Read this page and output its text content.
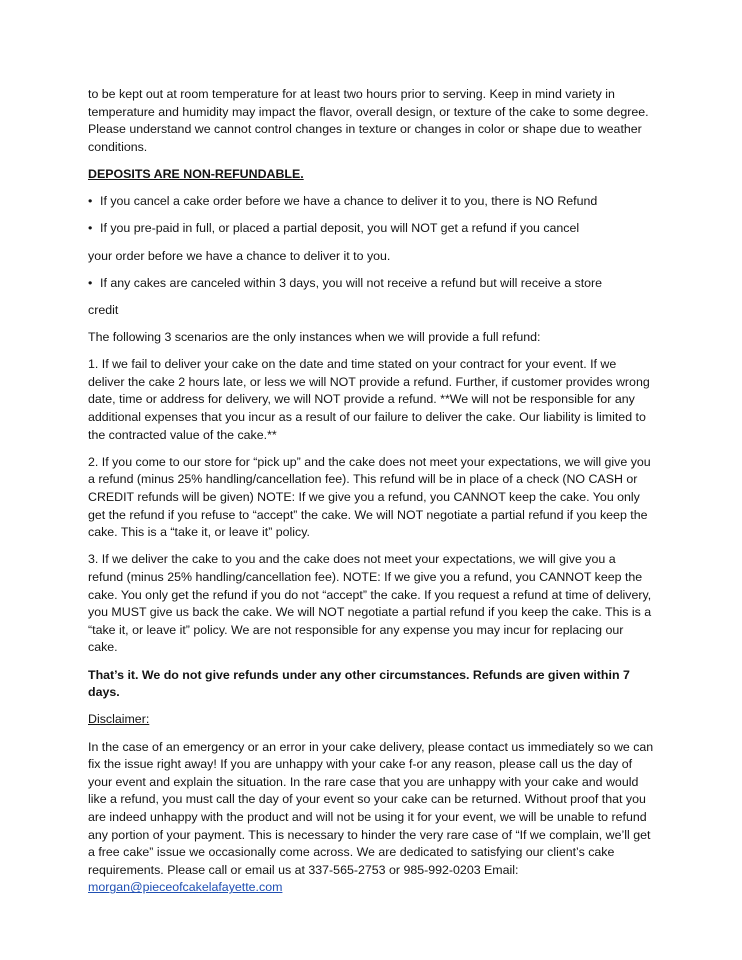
to be kept out at room temperature for at least two hours prior to serving. Keep in mind variety in temperature and humidity may impact the flavor, overall design, or texture of the cake to some degree. Please understand we cannot control changes in texture or changes in color or shape due to weather conditions.

DEPOSITS ARE NON-REFUNDABLE.

• If you cancel a cake order before we have a chance to deliver it to you, there is NO Refund

• If you pre-paid in full, or placed a partial deposit, you will NOT get a refund if you cancel

your order before we have a chance to deliver it to you.

• If any cakes are canceled within 3 days, you will not receive a refund but will receive a store

credit

The following 3 scenarios are the only instances when we will provide a full refund:

1. If we fail to deliver your cake on the date and time stated on your contract for your event. If we deliver the cake 2 hours late, or less we will NOT provide a refund. Further, if customer provides wrong date, time or address for delivery, we will NOT provide a refund. **We will not be responsible for any additional expenses that you incur as a result of our failure to deliver the cake. Our liability is limited to the contracted value of the cake.**

2. If you come to our store for “pick up” and the cake does not meet your expectations, we will give you a refund (minus 25% handling/cancellation fee). This refund will be in place of a check (NO CASH or CREDIT refunds will be given) NOTE: If we give you a refund, you CANNOT keep the cake. You only get the refund if you refuse to “accept” the cake. We will NOT negotiate a partial refund if you keep the cake. This is a “take it, or leave it” policy.

3. If we deliver the cake to you and the cake does not meet your expectations, we will give you a refund (minus 25% handling/cancellation fee). NOTE: If we give you a refund, you CANNOT keep the cake. You only get the refund if you do not “accept” the cake. If you request a refund at time of delivery, you MUST give us back the cake. We will NOT negotiate a partial refund if you keep the cake. This is a “take it, or leave it” policy. We are not responsible for any expense you may incur for replacing our cake.

That’s it. We do not give refunds under any other circumstances. Refunds are given within 7 days.

Disclaimer:

In the case of an emergency or an error in your cake delivery, please contact us immediately so we can fix the issue right away! If you are unhappy with your cake f-or any reason, please call us the day of your event and explain the situation. In the rare case that you are unhappy with your cake and would like a refund, you must call the day of your event so your cake can be returned. Without proof that you are indeed unhappy with the product and will not be using it for your event, we will be unable to refund any portion of your payment. This is necessary to hinder the very rare case of “If we complain, we’ll get a free cake” issue we occasionally come across. We are dedicated to satisfying our client’s cake requirements. Please call or email us at 337-565-2753 or 985-992-0203 Email:
morgan@pieceofcakelafayette.com
